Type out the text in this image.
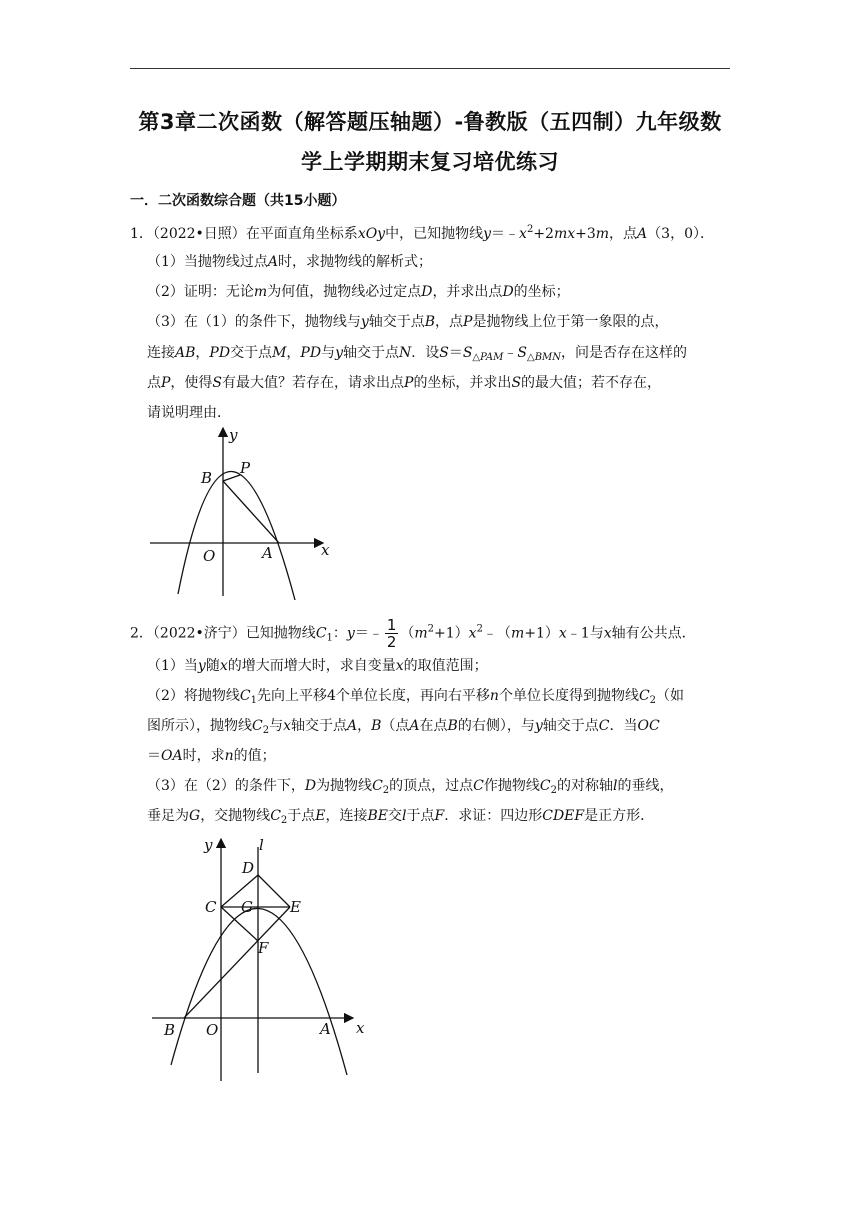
第3章二次函数（解答题压轴题）-鲁教版（五四制）九年级数
学上学期期末复习培优练习
一．二次函数综合题（共15小题）
1．（2022•日照）在平面直角坐标系xOy中，已知抛物线$y=﹣x^2+2mx+3m$，点A（3，0）．
（1）当抛物线过点A时，求抛物线的解析式；
（2）证明：无论m为何值，抛物线必过定点D，并求出点D的坐标；
（3）在（1）的条件下，抛物线与y轴交于点B，点P是抛物线上位于第一象限的点，
连接AB，PD交于点M，PD与y轴交于点N．设$S=S_{\triangle PAM}﹣S_{\triangle BMN}$，问是否存在这样的
点P，使得S有最大值？若存在，请求出点P的坐标，并求出S的最大值；若不存在，
请说明理由．
y
B
P
O	A	x
2．（2022•济宁）已知抛物线$C_1$：y＝﹣ $\frac{1}{2}$ $(m^2+1)x^2﹣(m+1)x﹣1$与x轴有公共点．
（1）当y随x的增大而增大时，求自变量x的取值范围；
（2）将抛物线$C_1$先向上平移4个单位长度，再向右平移n个单位长度得到抛物线$C_2$（如
图所示），抛物线$C_2$与x轴交于点A，B（点A在点B的右侧），与y轴交于点C．当OC
＝OA时，求n的值；
（3）在（2）的条件下，D为抛物线$C_2$的顶点，过点C作抛物线$C_2$的对称轴l的垂线，
垂足为G，交抛物线$C_2$于点E，连接BE交l于点F．求证：四边形CDEF是正方形．
y	l
D
C G E
F
B O	A x
